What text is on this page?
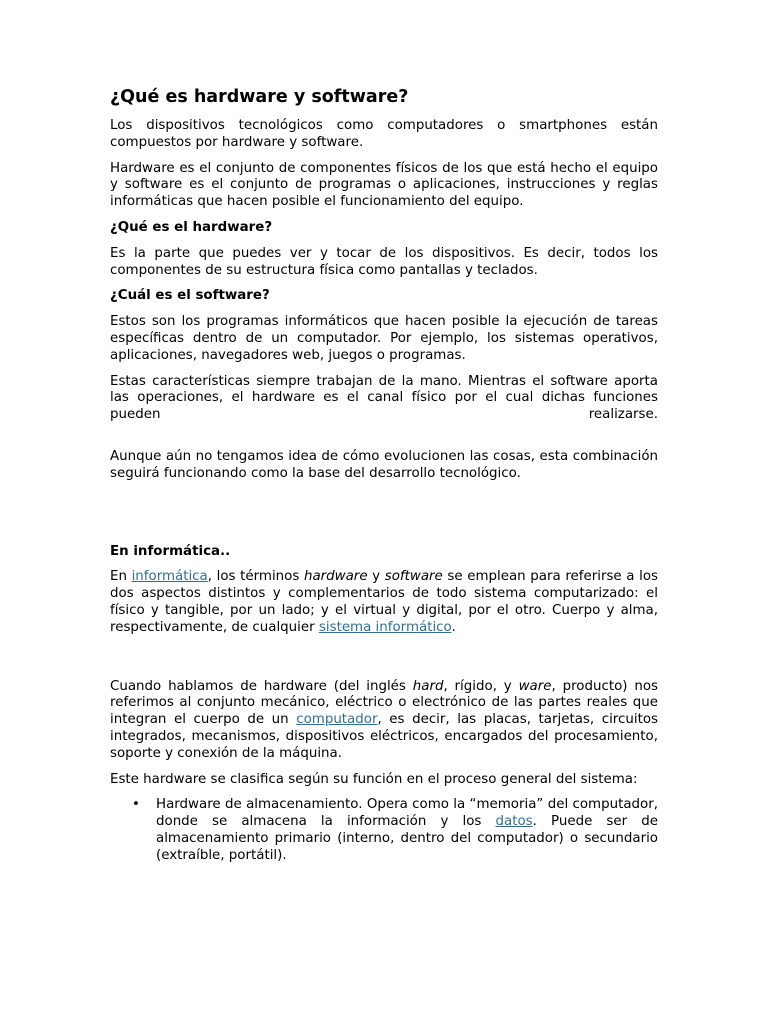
¿Qué es hardware y software?

Los dispositivos tecnológicos como computadores o smartphones están compuestos por hardware y software.

Hardware es el conjunto de componentes físicos de los que está hecho el equipo y software es el conjunto de programas o aplicaciones, instrucciones y reglas informáticas que hacen posible el funcionamiento del equipo.

¿Qué es el hardware?

Es la parte que puedes ver y tocar de los dispositivos. Es decir, todos los componentes de su estructura física como pantallas y teclados.

¿Cuál es el software?

Estos son los programas informáticos que hacen posible la ejecución de tareas específicas dentro de un computador. Por ejemplo, los sistemas operativos, aplicaciones, navegadores web, juegos o programas.

Estas características siempre trabajan de la mano. Mientras el software aporta las operaciones, el hardware es el canal físico por el cual dichas funciones pueden realizarse.

Aunque aún no tengamos idea de cómo evolucionen las cosas, esta combinación seguirá funcionando como la base del desarrollo tecnológico.

En informática..

En informática, los términos hardware y software se emplean para referirse a los dos aspectos distintos y complementarios de todo sistema computarizado: el físico y tangible, por un lado; y el virtual y digital, por el otro. Cuerpo y alma, respectivamente, de cualquier sistema informático.

Cuando hablamos de hardware (del inglés hard, rígido, y ware, producto) nos referimos al conjunto mecánico, eléctrico o electrónico de las partes reales que integran el cuerpo de un computador, es decir, las placas, tarjetas, circuitos integrados, mecanismos, dispositivos eléctricos, encargados del procesamiento, soporte y conexión de la máquina.

Este hardware se clasifica según su función en el proceso general del sistema:

• Hardware de almacenamiento. Opera como la “memoria” del computador, donde se almacena la información y los datos. Puede ser de almacenamiento primario (interno, dentro del computador) o secundario (extraíble, portátil).
